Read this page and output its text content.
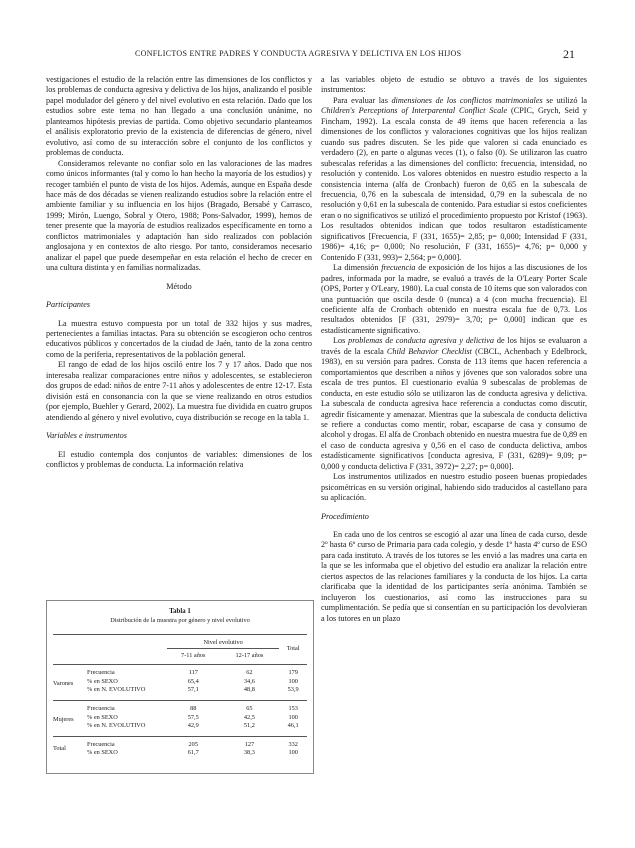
CONFLICTOS ENTRE PADRES Y CONDUCTA AGRESIVA Y DELICTIVA EN LOS HIJOS	21

vestigaciones el estudio de la relación entre las dimensiones de los conflictos y los problemas de conducta agresiva y delictiva de los hijos, analizando el posible papel modulador del género y del nivel evolutivo en esta relación. Dado que los estudios sobre este tema no han llegado a una conclusión unánime, no planteamos hipótesis previas de partida. Como objetivo secundario planteamos el análisis exploratorio previo de la existencia de diferencias de género, nivel evolutivo, así como de su interacción sobre el conjunto de los conflictos y problemas de conducta.

Consideramos relevante no confiar solo en las valoraciones de las madres como únicos informantes (tal y como lo han hecho la mayoría de los estudios) y recoger también el punto de vista de los hijos. Además, aunque en España desde hace más de dos décadas se vienen realizando estudios sobre la relación entre el ambiente familiar y su influencia en los hijos (Bragado, Bersabé y Carrasco, 1999; Mirón, Luengo, Sobral y Otero, 1988; Pons-Salvador, 1999), hemos de tener presente que la mayoría de estudios realizados específicamente en torno a conflictos matrimoniales y adaptación han sido realizados con población anglosajona y en contextos de alto riesgo. Por tanto, consideramos necesario analizar el papel que puede desempeñar en esta relación el hecho de crecer en una cultura distinta y en familias normalizadas.

Método
Participantes

La muestra estuvo compuesta por un total de 332 hijos y sus madres, pertenecientes a familias intactas. Para su obtención se escogieron ocho centros educativos públicos y concertados de la ciudad de Jaén, tanto de la zona centro como de la periferia, representativos de la población general.

El rango de edad de los hijos osciló entre los 7 y 17 años. Dado que nos interesaba realizar comparaciones entre niños y adolescentes, se establecieron dos grupos de edad: niños de entre 7-11 años y adolescentes de entre 12-17. Esta división está en consonancia con la que se viene realizando en otros estudios (por ejemplo, Buehler y Gerard, 2002). La muestra fue dividida en cuatro grupos atendiendo al género y nivel evolutivo, cuya distribución se recoge en la tabla 1.

Variables e instrumentos

El estudio contempla dos conjuntos de variables: dimensiones de los conflictos y problemas de conducta. La información relativa

Tabla 1
Distribución de la muestra por género y nivel evolutivo
		Nivel evolutivo		Total
		7-11 años	12-17 años	
Varones	Frecuencia	117	62	179
	% en SEXO	65,4	34,6	100
	% en N. EVOLUTIVO	57,1	48,8	53,9
Mujeres	Frecuencia	88	65	153
	% en SEXO	57,5	42,5	100
	% en N. EVOLUTIVO	42,9	51,2	46,1
Total	Frecuencia	205	127	332
	% en SEXO	61,7	38,3	100

a las variables objeto de estudio se obtuvo a través de los siguientes instrumentos:

Para evaluar las dimensiones de los conflictos matrimoniales se utilizó la Children's Perceptions of Interparental Conflict Scale (CPIC, Grych, Seid y Fincham, 1992). La escala consta de 49 ítems que hacen referencia a las dimensiones de los conflictos y valoraciones cognitivas que los hijos realizan cuando sus padres discuten. Se les pide que valoren si cada enunciado es verdadero (2), en parte o algunas veces (1), o falso (0). Se utilizaron las cuatro subescalas referidas a las dimensiones del conflicto: frecuencia, intensidad, no resolución y contenido. Los valores obtenidos en nuestro estudio respecto a la consistencia interna (alfa de Cronbach) fueron de 0,65 en la subescala de frecuencia, 0,76 en la subescala de intensidad, 0,79 en la subescala de no resolución y 0,61 en la subescala de contenido. Para estudiar si estos coeficientes eran o no significativos se utilizó el procedimiento propuesto por Kristof (1963). Los resultados obtenidos indican que todos resultaron estadísticamente significativos [Frecuencia, F (331, 1655)= 2,85; p= 0,000; Intensidad F (331, 1986)= 4,16; p= 0,000; No resolución, F (331, 1655)= 4,76; p= 0,000 y Contenido F (331, 993)= 2,564; p= 0,000].

La dimensión frecuencia de exposición de los hijos a las discusiones de los padres, informada por la madre, se evaluó a través de la O'Leary Porter Scale (OPS, Porter y O'Leary, 1980). La cual consta de 10 ítems que son valorados con una puntuación que oscila desde 0 (nunca) a 4 (con mucha frecuencia). El coeficiente alfa de Cronbach obtenido en nuestra escala fue de 0,73. Los resultados obtenidos [F (331, 2979)= 3,70; p= 0,000] indican que es estadísticamente significativo.

Los problemas de conducta agresiva y delictiva de los hijos se evaluaron a través de la escala Child Behavior Checklist (CBCL, Achenbach y Edelbrock, 1983), en su versión para padres. Consta de 113 ítems que hacen referencia a comportamientos que describen a niños y jóvenes que son valorados sobre una escala de tres puntos. El cuestionario evalúa 9 subescalas de problemas de conducta, en este estudio sólo se utilizaron las de conducta agresiva y delictiva. La subescala de conducta agresiva hace referencia a conductas como discutir, agredir físicamente y amenazar. Mientras que la subescala de conducta delictiva se refiere a conductas como mentir, robar, escaparse de casa y consumo de alcohol y drogas. El alfa de Cronbach obtenido en nuestra muestra fue de 0,89 en el caso de conducta agresiva y 0,56 en el caso de conducta delictiva, ambos estadísticamente significativos [conducta agresiva, F (331, 6289)= 9,09; p= 0,000 y conducta delictiva F (331, 3972)= 2,27; p= 0,000].

Los instrumentos utilizados en nuestro estudio poseen buenas propiedades psicométricas en su versión original, habiendo sido traducidos al castellano para su aplicación.

Procedimiento

En cada uno de los centros se escogió al azar una línea de cada curso, desde 2º hasta 6º curso de Primaria para cada colegio, y desde 1º hasta 4º curso de ESO para cada instituto. A través de los tutores se les envió a las madres una carta en la que se les informaba que el objetivo del estudio era analizar la relación entre ciertos aspectos de las relaciones familiares y la conducta de los hijos. La carta clarificaba que la identidad de los participantes sería anónima. También se incluyeron los cuestionarios, así como las instrucciones para su cumplimentación. Se pedía que si consentían en su participación los devolvieran a los tutores en un plazo
